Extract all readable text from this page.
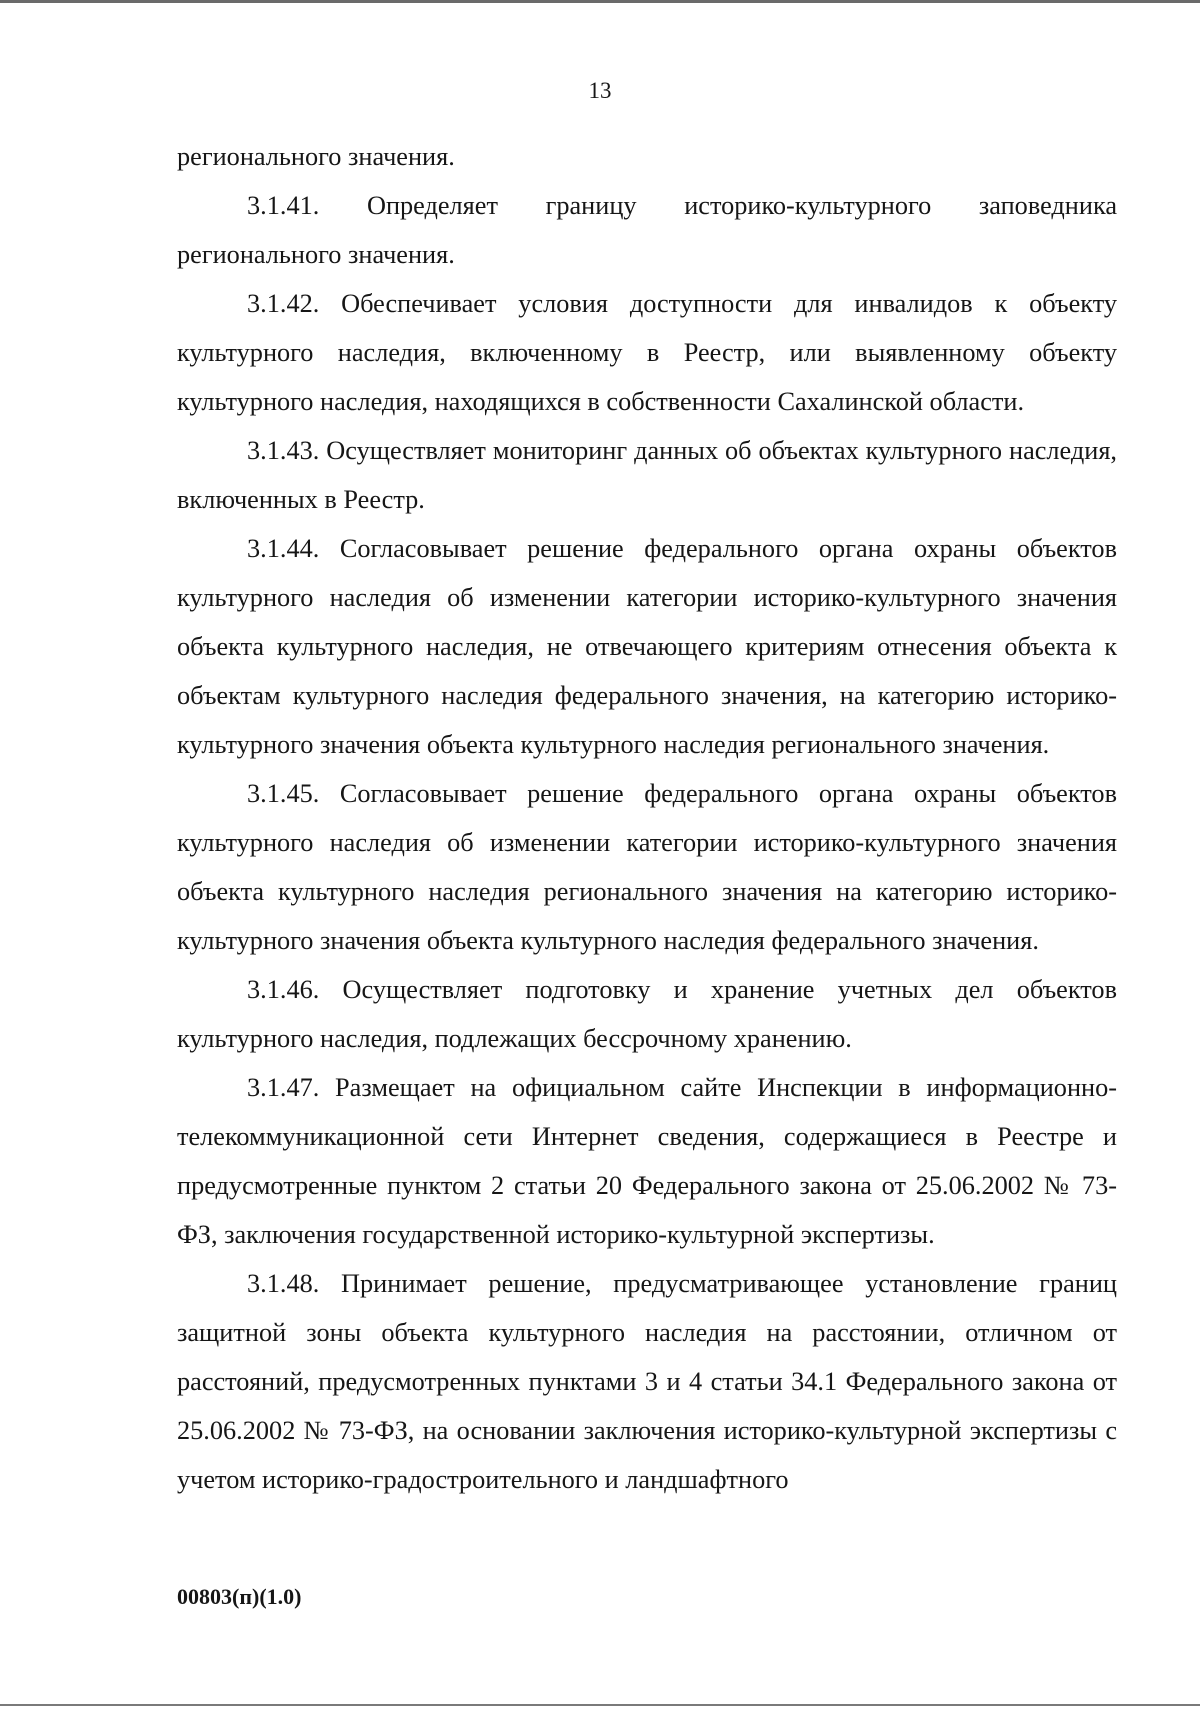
13

регионального значения.

3.1.41. Определяет границу историко-культурного заповедника регионального значения.

3.1.42. Обеспечивает условия доступности для инвалидов к объекту культурного наследия, включенному в Реестр, или выявленному объекту культурного наследия, находящихся в собственности Сахалинской области.

3.1.43. Осуществляет мониторинг данных об объектах культурного наследия, включенных в Реестр.

3.1.44. Согласовывает решение федерального органа охраны объектов культурного наследия об изменении категории историко-культурного значения объекта культурного наследия, не отвечающего критериям отнесения объекта к объектам культурного наследия федерального значения, на категорию историко-культурного значения объекта культурного наследия регионального значения.

3.1.45. Согласовывает решение федерального органа охраны объектов культурного наследия об изменении категории историко-культурного значения объекта культурного наследия регионального значения на категорию историко-культурного значения объекта культурного наследия федерального значения.

3.1.46. Осуществляет подготовку и хранение учетных дел объектов культурного наследия, подлежащих бессрочному хранению.

3.1.47. Размещает на официальном сайте Инспекции в информационно-телекоммуникационной сети Интернет сведения, содержащиеся в Реестре и предусмотренные пунктом 2 статьи 20 Федерального закона от 25.06.2002 № 73-ФЗ, заключения государственной историко-культурной экспертизы.

3.1.48. Принимает решение, предусматривающее установление границ защитной зоны объекта культурного наследия на расстоянии, отличном от расстояний, предусмотренных пунктами 3 и 4 статьи 34.1 Федерального закона от 25.06.2002 № 73-ФЗ, на основании заключения историко-культурной экспертизы с учетом историко-градостроительного и ландшафтного

00803(п)(1.0)
